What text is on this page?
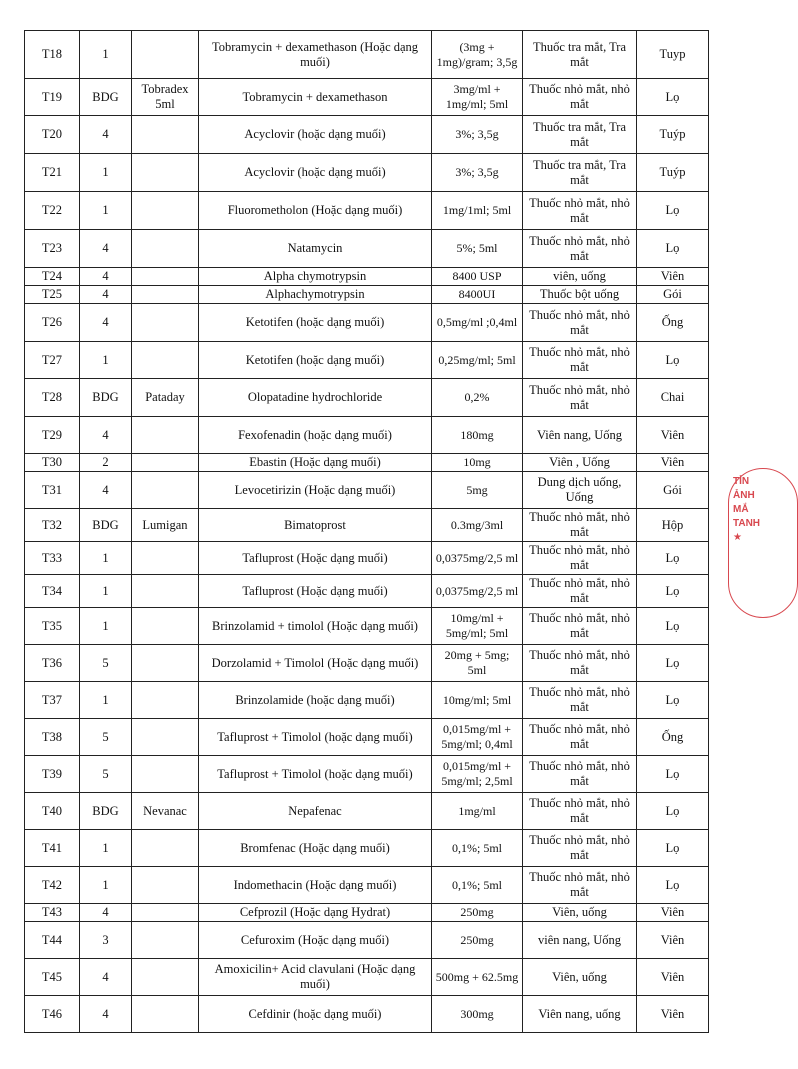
T18	1		Tobramycin + dexamethason (Hoặc dạng muối)	(3mg + 1mg)/gram; 3,5g	Thuốc tra mắt, Tra mắt	Tuyp
T19	BDG	Tobradex 5ml	Tobramycin + dexamethason	3mg/ml + 1mg/ml; 5ml	Thuốc nhỏ mắt, nhỏ mắt	Lọ
T20	4		Acyclovir (hoặc dạng muối)	3%; 3,5g	Thuốc tra mắt, Tra mắt	Tuýp
T21	1		Acyclovir (hoặc dạng muối)	3%; 3,5g	Thuốc tra mắt, Tra mắt	Tuýp
T22	1		Fluorometholon (Hoặc dạng muối)	1mg/1ml; 5ml	Thuốc nhỏ mắt, nhỏ mắt	Lọ
T23	4		Natamycin	5%; 5ml	Thuốc nhỏ mắt, nhỏ mắt	Lọ
T24	4		Alpha chymotrypsin	8400 USP	viên, uống	Viên
T25	4		Alphachymotrypsin	8400UI	Thuốc bột uống	Gói
T26	4		Ketotifen (hoặc dạng muối)	0,5mg/ml ;0,4ml	Thuốc nhỏ mắt, nhỏ mắt	Ống
T27	1		Ketotifen (hoặc dạng muối)	0,25mg/ml; 5ml	Thuốc nhỏ mắt, nhỏ mắt	Lọ
T28	BDG	Pataday	Olopatadine hydrochloride	0,2%	Thuốc nhỏ mắt, nhỏ mắt	Chai
T29	4		Fexofenadin (hoặc dạng muối)	180mg	Viên nang, Uống	Viên
T30	2		Ebastin (Hoặc dạng muối)	10mg	Viên , Uống	Viên
T31	4		Levocetirizin (Hoặc dạng muối)	5mg	Dung dịch uống, Uống	Gói
T32	BDG	Lumigan	Bimatoprost	0.3mg/3ml	Thuốc nhỏ mắt, nhỏ mắt	Hộp
T33	1		Tafluprost (Hoặc dạng muối)	0,0375mg/2,5 ml	Thuốc nhỏ mắt, nhỏ mắt	Lọ
T34	1		Tafluprost (Hoặc dạng muối)	0,0375mg/2,5 ml	Thuốc nhỏ mắt, nhỏ mắt	Lọ
T35	1		Brinzolamid + timolol (Hoặc dạng muối)	10mg/ml + 5mg/ml; 5ml	Thuốc nhỏ mắt, nhỏ mắt	Lọ
T36	5		Dorzolamid + Timolol (Hoặc dạng muối)	20mg + 5mg; 5ml	Thuốc nhỏ mắt, nhỏ mắt	Lọ
T37	1		Brinzolamide (hoặc dạng muối)	10mg/ml; 5ml	Thuốc nhỏ mắt, nhỏ mắt	Lọ
T38	5		Tafluprost + Timolol (hoặc dạng muối)	0,015mg/ml + 5mg/ml; 0,4ml	Thuốc nhỏ mắt, nhỏ mắt	Ống
T39	5		Tafluprost + Timolol (hoặc dạng muối)	0,015mg/ml + 5mg/ml; 2,5ml	Thuốc nhỏ mắt, nhỏ mắt	Lọ
T40	BDG	Nevanac	Nepafenac	1mg/ml	Thuốc nhỏ mắt, nhỏ mắt	Lọ
T41	1		Bromfenac (Hoặc dạng muối)	0,1%; 5ml	Thuốc nhỏ mắt, nhỏ mắt	Lọ
T42	1		Indomethacin (Hoặc dạng muối)	0,1%; 5ml	Thuốc nhỏ mắt, nhỏ mắt	Lọ
T43	4		Cefprozil (Hoặc dạng Hydrat)	250mg	Viên, uống	Viên
T44	3		Cefuroxim (Hoặc dạng muối)	250mg	viên nang, Uống	Viên
T45	4		Amoxicilin+ Acid clavulani (Hoặc dạng muối)	500mg + 62.5mg	Viên, uống	Viên
T46	4		Cefdinir (hoặc dạng muối)	300mg	Viên nang, uống	Viên
TỈN
ẢNH
MẮ
TANH
★
